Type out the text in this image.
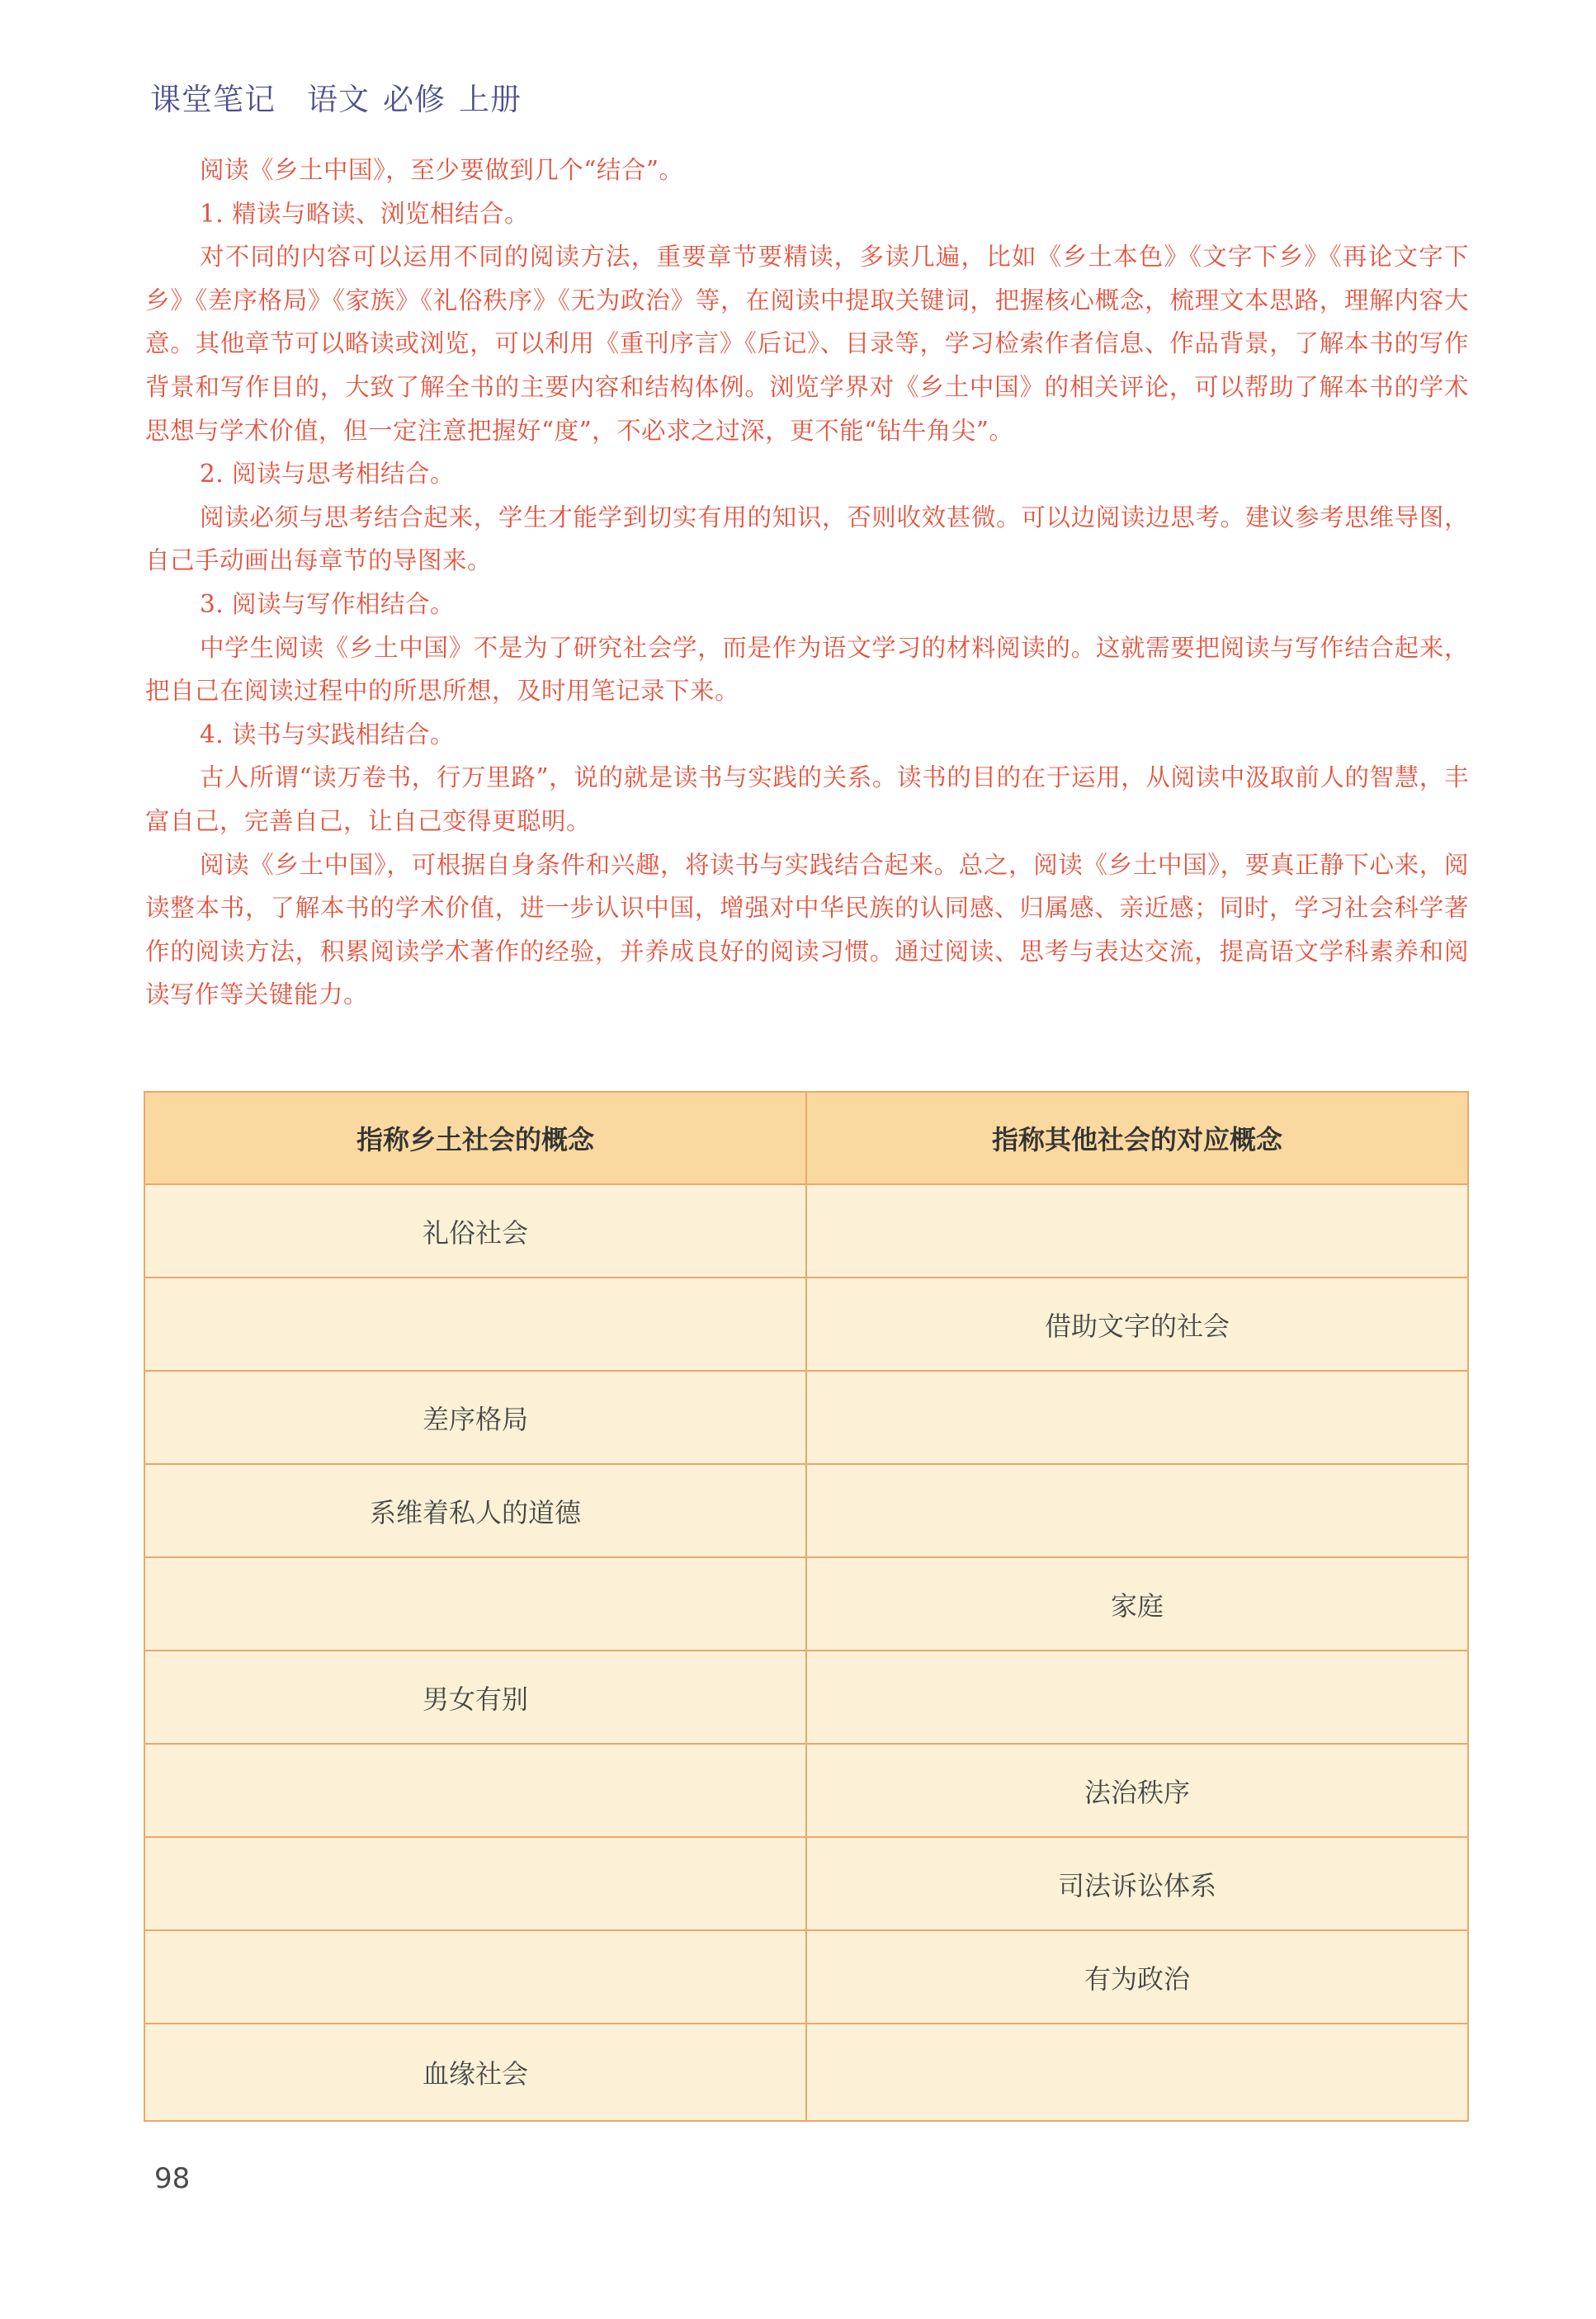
课堂笔记 语文 必修 上册

阅读《乡土中国》，至少要做到几个“结合”。

1. 精读与略读、浏览相结合。

对不同的内容可以运用不同的阅读方法，重要章节要精读，多读几遍，比如《乡土本色》《文字下乡》《再论文字下乡》《差序格局》《家族》《礼俗秩序》《无为政治》等，在阅读中提取关键词，把握核心概念，梳理文本思路，理解内容大意。其他章节可以略读或浏览，可以利用《重刊序言》《后记》、目录等，学习检索作者信息、作品背景，了解本书的写作背景和写作目的，大致了解全书的主要内容和结构体例。浏览学界对《乡土中国》的相关评论，可以帮助了解本书的学术思想与学术价值，但一定注意把握好“度”，不必求之过深，更不能“钻牛角尖”。

2. 阅读与思考相结合。

阅读必须与思考结合起来，学生才能学到切实有用的知识，否则收效甚微。可以边阅读边思考。建议参考思维导图，自己手动画出每章节的导图来。

3. 阅读与写作相结合。

中学生阅读《乡土中国》不是为了研究社会学，而是作为语文学习的材料阅读的。这就需要把阅读与写作结合起来，把自己在阅读过程中的所思所想，及时用笔记录下来。

4. 读书与实践相结合。

古人所谓“读万卷书，行万里路”，说的就是读书与实践的关系。读书的目的在于运用，从阅读中汲取前人的智慧，丰富自己，完善自己，让自己变得更聪明。

阅读《乡土中国》，可根据自身条件和兴趣，将读书与实践结合起来。总之，阅读《乡土中国》，要真正静下心来，阅读整本书，了解本书的学术价值，进一步认识中国，增强对中华民族的认同感、归属感、亲近感；同时，学习社会科学著作的阅读方法，积累阅读学术著作的经验，并养成良好的阅读习惯。通过阅读、思考与表达交流，提高语文学科素养和阅读写作等关键能力。

指称乡土社会的概念	指称其他社会的对应概念
礼俗社会	
	借助文字的社会
差序格局	
系维着私人的道德	
	家庭
男女有别	
	法治秩序
	司法诉讼体系
	有为政治
血缘社会	
98
